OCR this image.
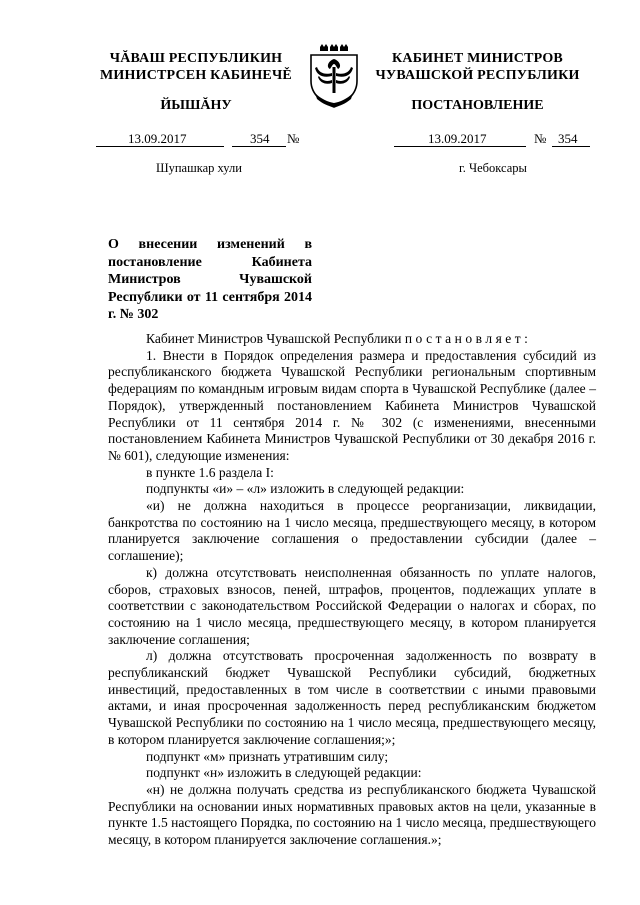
ЧĂВАШ РЕСПУБЛИКИН
МИНИСТРСЕН КАБИНЕЧĚ
ЙЫШĂНУ
КАБИНЕТ МИНИСТРОВ
ЧУВАШСКОЙ РЕСПУБЛИКИ
ПОСТАНОВЛЕНИЕ
13.09.2017	354 №	13.09.2017	№ 354
Шупашкар хули	г. Чебоксары
О внесении изменений в постановление Кабинета Министров Чувашской Республики от 11 сентября 2014 г. № 302

Кабинет Министров Чувашской Республики постановляет:

1. Внести в Порядок определения размера и предоставления субсидий из республиканского бюджета Чувашской Республики региональным спортивным федерациям по командным игровым видам спорта в Чувашской Республике (далее – Порядок), утвержденный постановлением Кабинета Министров Чувашской Республики от 11 сентября 2014 г. № 302 (с изменениями, внесенными постановлением Кабинета Министров Чувашской Республики от 30 декабря 2016 г. № 601), следующие изменения:

в пункте 1.6 раздела I:

подпункты «и» – «л» изложить в следующей редакции:

«и) не должна находиться в процессе реорганизации, ликвидации, банкротства по состоянию на 1 число месяца, предшествующего месяцу, в котором планируется заключение соглашения о предоставлении субсидии (далее – соглашение);

к) должна отсутствовать неисполненная обязанность по уплате налогов, сборов, страховых взносов, пеней, штрафов, процентов, подлежащих уплате в соответствии с законодательством Российской Федерации о налогах и сборах, по состоянию на 1 число месяца, предшествующего месяцу, в котором планируется заключение соглашения;

л) должна отсутствовать просроченная задолженность по возврату в республиканский бюджет Чувашской Республики субсидий, бюджетных инвестиций, предоставленных в том числе в соответствии с иными правовыми актами, и иная просроченная задолженность перед республиканским бюджетом Чувашской Республики по состоянию на 1 число месяца, предшествующего месяцу, в котором планируется заключение соглашения;»;

подпункт «м» признать утратившим силу;

подпункт «н» изложить в следующей редакции:

«н) не должна получать средства из республиканского бюджета Чувашской Республики на основании иных нормативных правовых актов на цели, указанные в пункте 1.5 настоящего Порядка, по состоянию на 1 число месяца, предшествующего месяцу, в котором планируется заключение соглашения.»;
